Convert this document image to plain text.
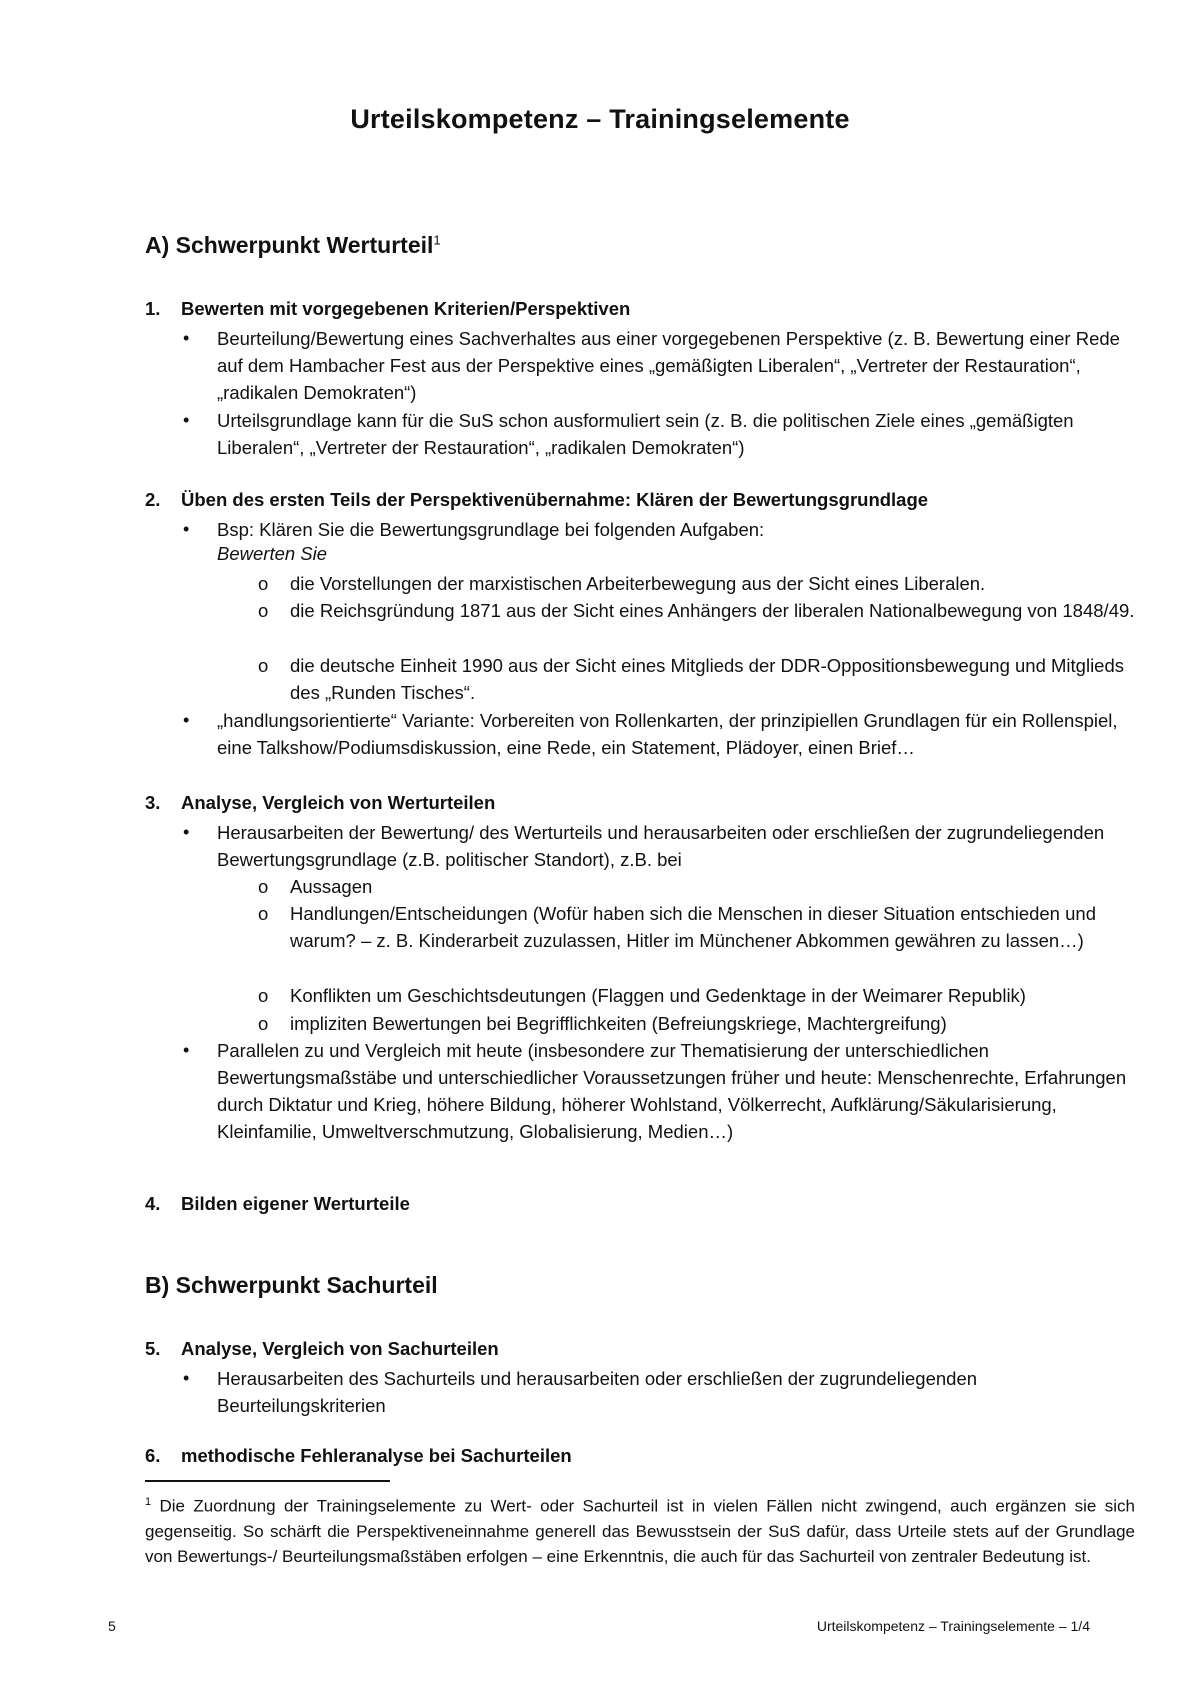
Urteilskompetenz – Trainingselemente
A) Schwerpunkt Werturteil$^1$
1. Bewerten mit vorgegebenen Kriterien/Perspektiven
• Beurteilung/Bewertung eines Sachverhaltes aus einer vorgegebenen Perspektive (z. B. Bewertung einer Rede auf dem Hambacher Fest aus der Perspektive eines „gemäßigten Liberalen“, „Vertreter der Restauration“, „radikalen Demokraten“)
• Urteilsgrundlage kann für die SuS schon ausformuliert sein (z. B. die politischen Ziele eines „gemäßigten Liberalen“, „Vertreter der Restauration“, „radikalen Demokraten“)
2. Üben des ersten Teils der Perspektivenübernahme: Klären der Bewertungsgrundlage
• Bsp: Klären Sie die Bewertungsgrundlage bei folgenden Aufgaben:
Bewerten Sie
o die Vorstellungen der marxistischen Arbeiterbewegung aus der Sicht eines Liberalen.
o die Reichsgründung 1871 aus der Sicht eines Anhängers der liberalen Nationalbewegung von 1848/49.
o die deutsche Einheit 1990 aus der Sicht eines Mitglieds der DDR-Oppositionsbewegung und Mitglieds des „Runden Tisches“.
• „handlungsorientierte“ Variante: Vorbereiten von Rollenkarten, der prinzipiellen Grundlagen für ein Rollenspiel, eine Talkshow/Podiumsdiskussion, eine Rede, ein Statement, Plädoyer, einen Brief…
3. Analyse, Vergleich von Werturteilen
• Herausarbeiten der Bewertung/ des Werturteils und herausarbeiten oder erschließen der zugrundeliegenden Bewertungsgrundlage (z.B. politischer Standort), z.B. bei
o Aussagen
o Handlungen/Entscheidungen (Wofür haben sich die Menschen in dieser Situation entschieden und warum? – z. B. Kinderarbeit zuzulassen, Hitler im Münchener Abkommen gewähren zu lassen…)
o Konflikten um Geschichtsdeutungen (Flaggen und Gedenktage in der Weimarer Republik)
o impliziten Bewertungen bei Begrifflichkeiten (Befreiungskriege, Machtergreifung)
• Parallelen zu und Vergleich mit heute (insbesondere zur Thematisierung der unterschiedlichen Bewertungsmaßstäbe und unterschiedlicher Voraussetzungen früher und heute: Menschenrechte, Erfahrungen durch Diktatur und Krieg, höhere Bildung, höherer Wohlstand, Völkerrecht, Aufklärung/Säkularisierung, Kleinfamilie, Umweltverschmutzung, Globalisierung, Medien…)
4. Bilden eigener Werturteile
B) Schwerpunkt Sachurteil
5. Analyse, Vergleich von Sachurteilen
• Herausarbeiten des Sachurteils und herausarbeiten oder erschließen der zugrundeliegenden Beurteilungskriterien
6. methodische Fehleranalyse bei Sachurteilen
$^1$ Die Zuordnung der Trainingselemente zu Wert- oder Sachurteil ist in vielen Fällen nicht zwingend, auch ergänzen sie sich gegenseitig. So schärft die Perspektiveneinnahme generell das Bewusstsein der SuS dafür, dass Urteile stets auf der Grundlage von Bewertungs-/ Beurteilungsmaßstäben erfolgen – eine Erkenntnis, die auch für das Sachurteil von zentraler Bedeutung ist.
5	Urteilskompetenz – Trainingselemente – 1/4
